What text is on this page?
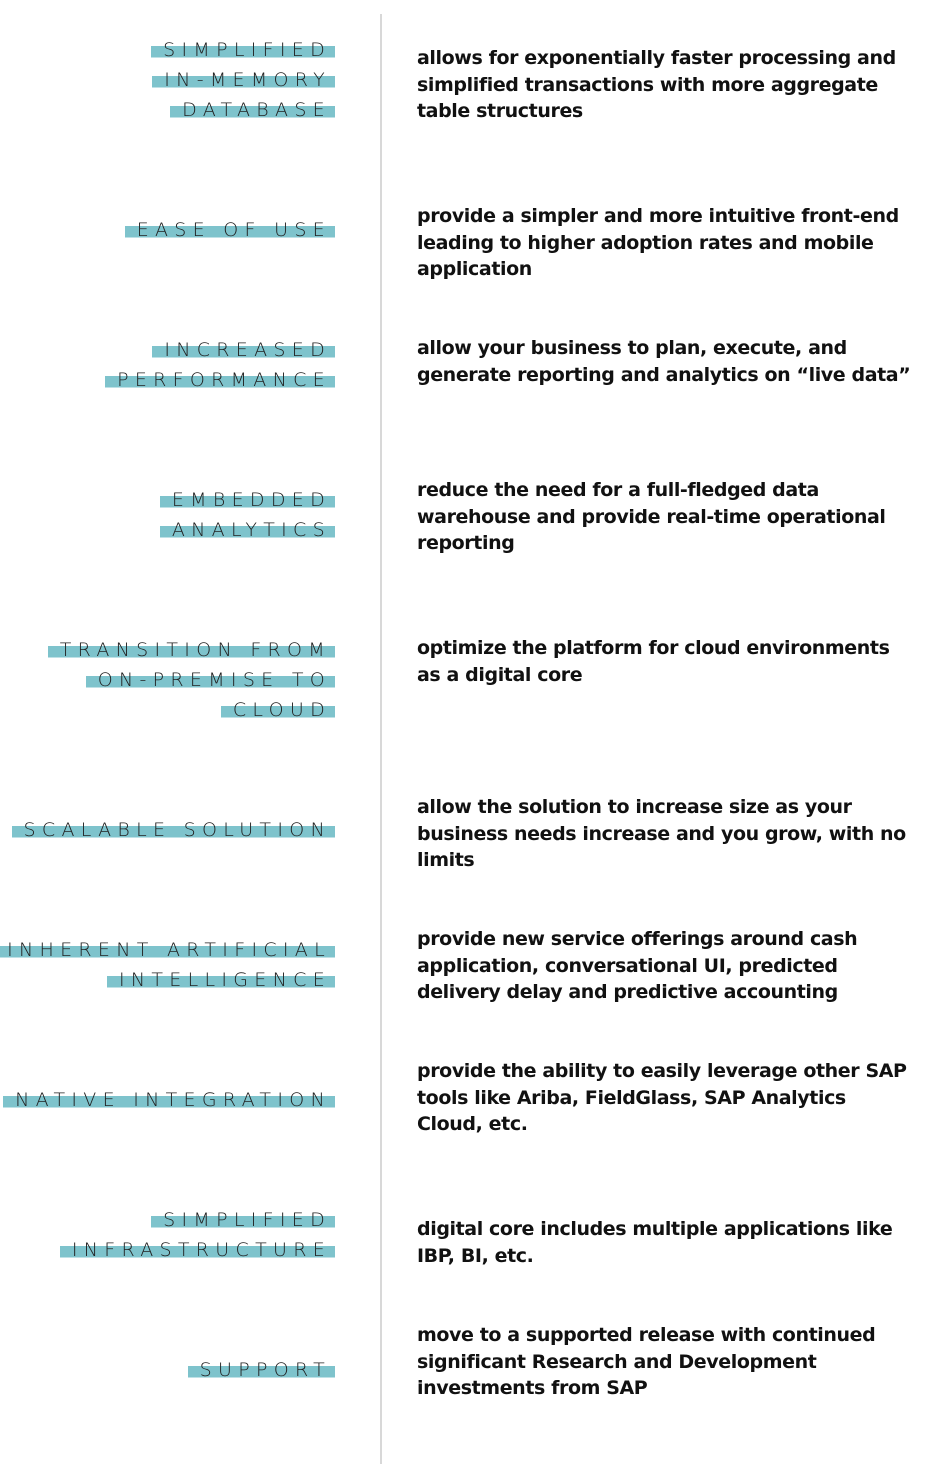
SIMPLIFIED
IN-MEMORY
DATABASE
allows for exponentially faster processing and simplified transactions with more aggregate table structures
EASE OF USE
provide a simpler and more intuitive front-end leading to higher adoption rates and mobile application
INCREASED
PERFORMANCE
allow your business to plan, execute, and generate reporting and analytics on “live data”
EMBEDDED
ANALYTICS
reduce the need for a full-fledged data warehouse and provide real-time operational reporting
TRANSITION FROM
ON-PREMISE TO
CLOUD
optimize the platform for cloud environments as a digital core
SCALABLE SOLUTION
allow the solution to increase size as your business needs increase and you grow, with no limits
INHERENT ARTIFICIAL
INTELLIGENCE
provide new service offerings around cash application, conversational UI, predicted delivery delay and predictive accounting
NATIVE INTEGRATION
provide the ability to easily leverage other SAP tools like Ariba, FieldGlass, SAP Analytics Cloud, etc.
SIMPLIFIED
INFRASTRUCTURE
digital core includes multiple applications like IBP, BI, etc.
SUPPORT
move to a supported release with continued significant Research and Development investments from SAP
